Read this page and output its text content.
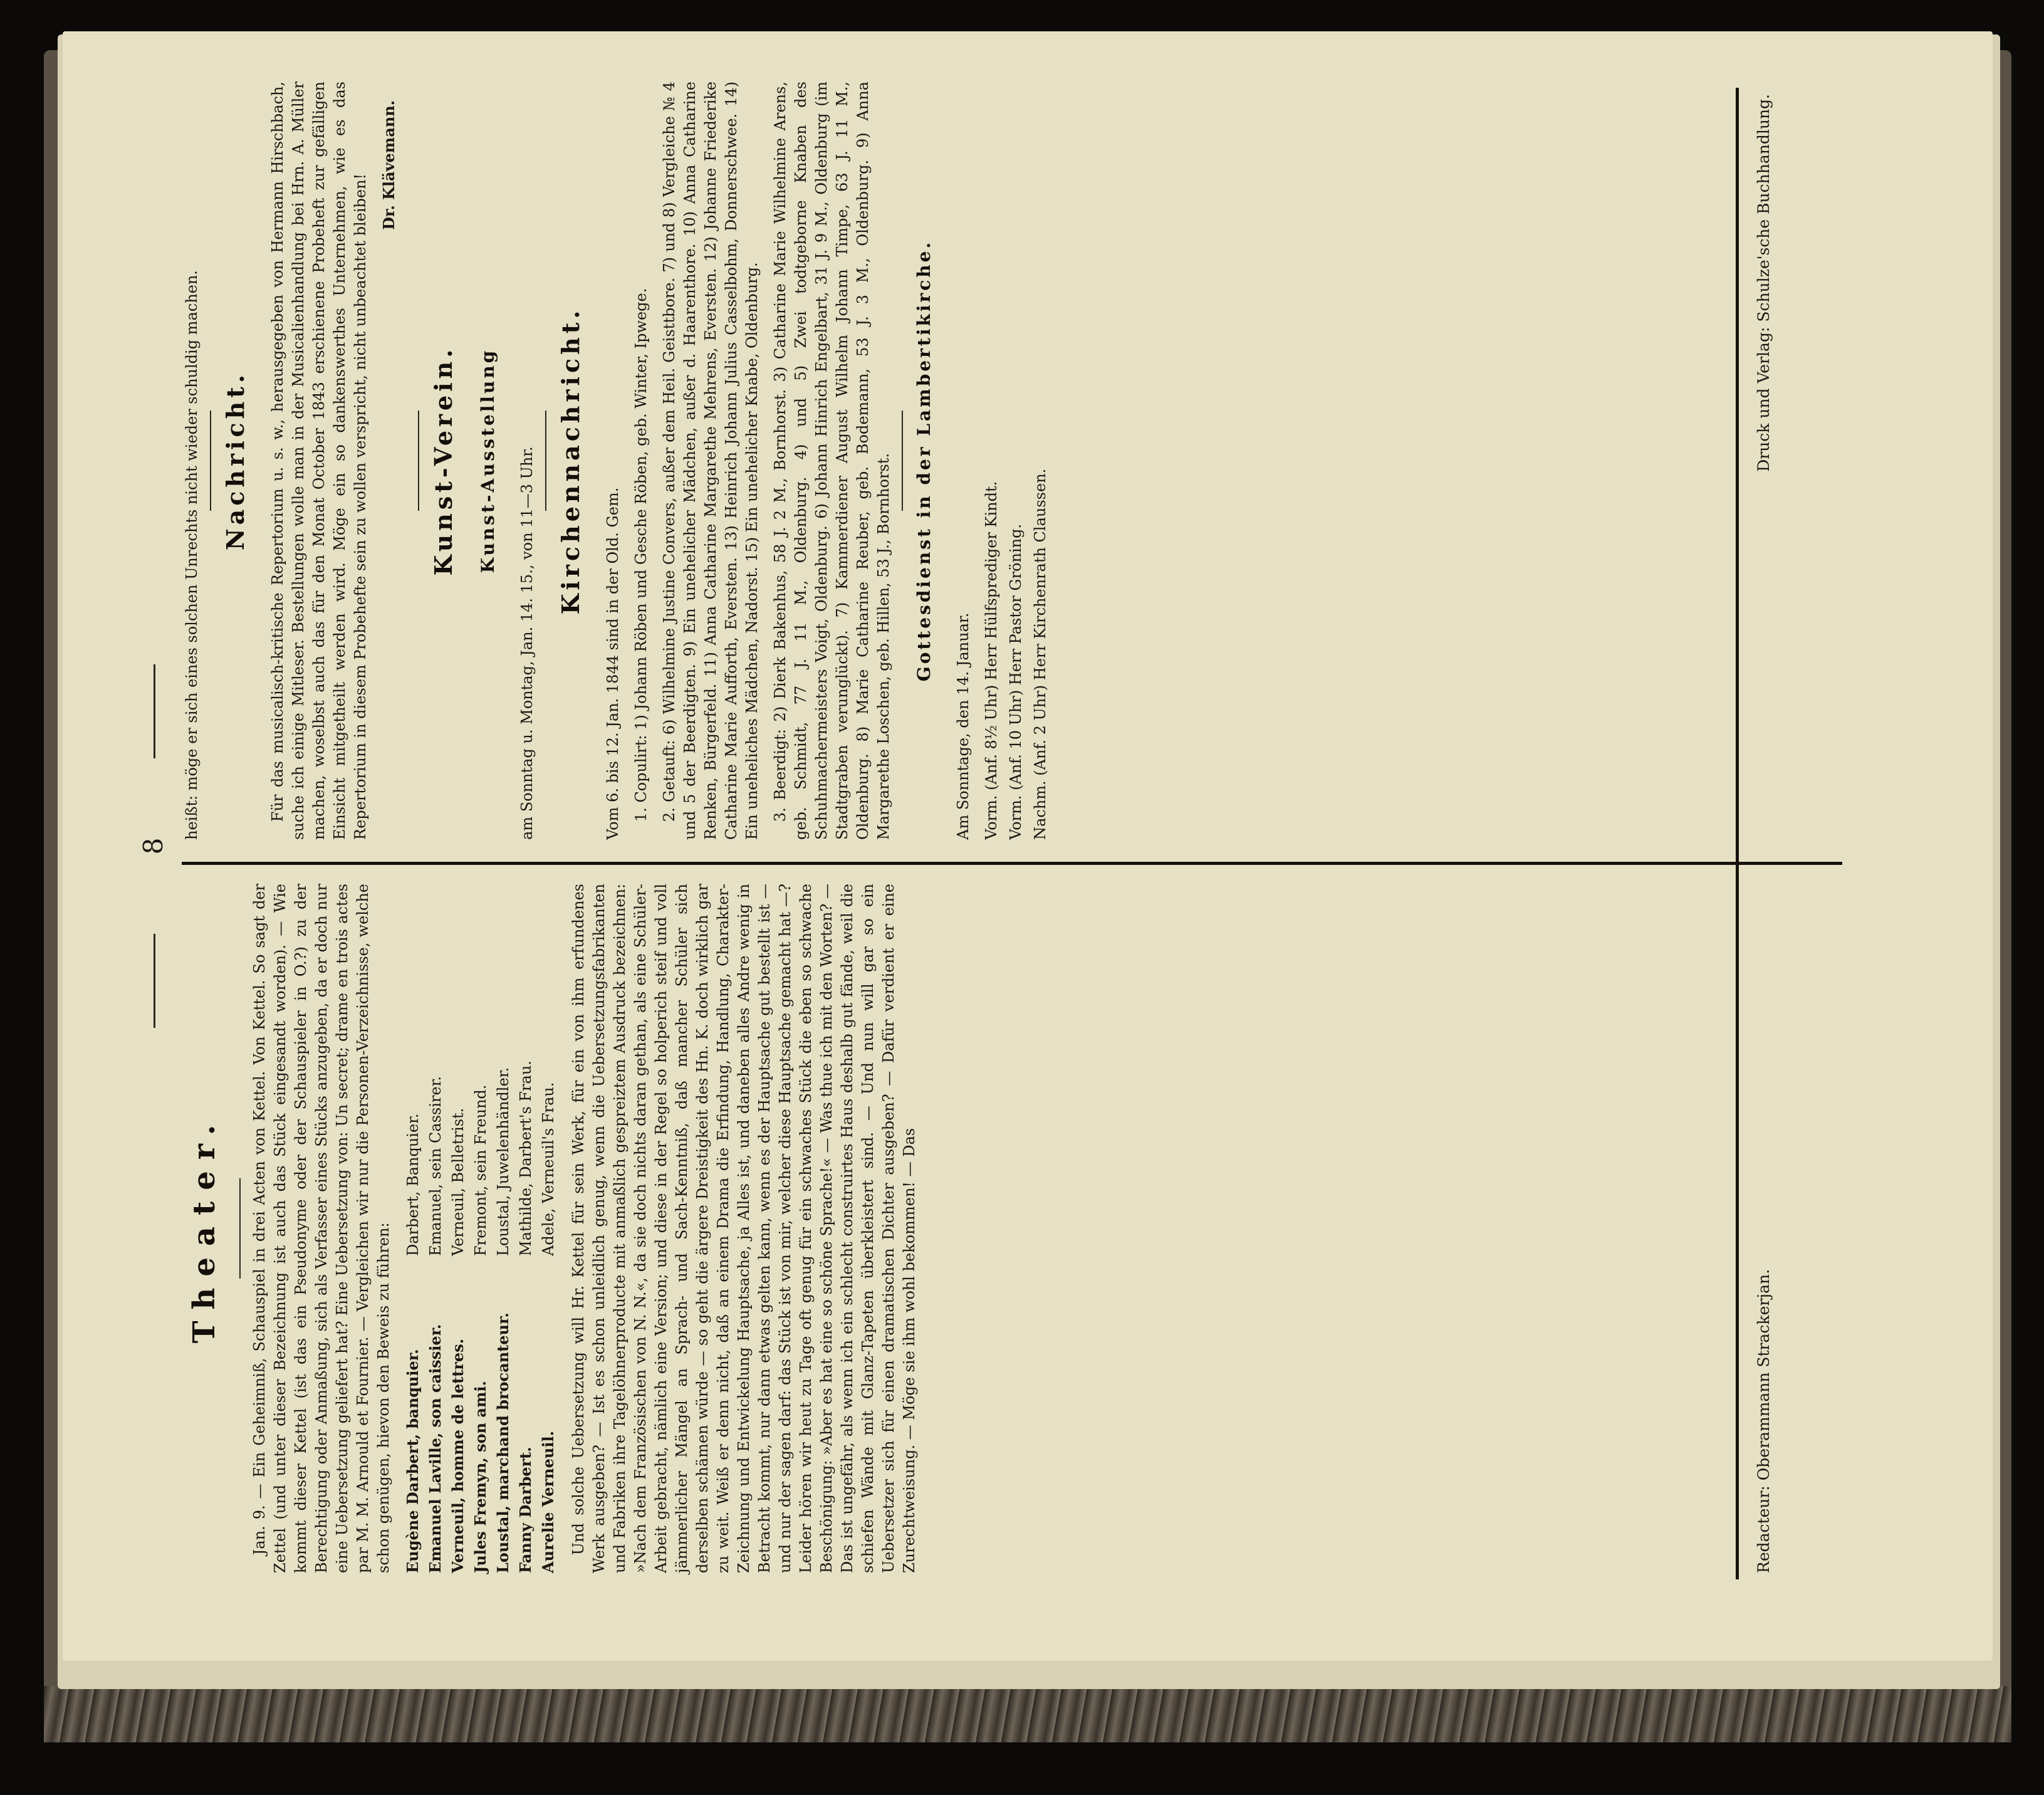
8
Theater. Jan. 9. — Ein Geheimniß, Schauspiel in drei Acten von Kettel. Von Kettel. So sagt der Zettel (und unter dieser Bezeichnung ist auch das Stück eingesandt worden). — Wie kommt dieser Kettel (ist das ein Pseudonyme oder der Schauspieler in O.?) zu der Berechtigung oder Anmaßung, sich als Verfasser eines Stücks anzugeben, da er doch nur eine Uebersetzung geliefert hat? Eine Uebersetzung von: Un secret; drame en trois actes par M. M. Arnould et Fournier. — Vergleichen wir nur die Personen-Verzeichnisse, welche schon genügen, hievon den Beweis zu führen: Eugène Darbert, banquier.	Darbert, Banquier.
Emanuel Laville, son caissier.	Emanuel, sein Cassirer.
Verneuil, homme de lettres.	Verneuil, Belletrist.
Jules Fremyn, son ami.	Fremont, sein Freund.
Loustal, marchand brocanteur.	Loustal, Juwelenhändler.
Fanny Darbert.	Mathilde, Darbert's Frau.
Aurelie Verneuil.	Adele, Verneuil's Frau. Und solche Uebersetzung will Hr. Kettel für sein Werk, für ein von ihm erfundenes Werk ausgeben? — Ist es schon unleidlich genug, wenn die Uebersetzungsfabrikanten und Fabriken ihre Tagelöhnerproducte mit anmaßlich gespreiztem Ausdruck bezeichnen: »Nach dem Französischen von N. N.«, da sie doch nichts daran gethan, als eine Schüler-Arbeit gebracht, nämlich eine Version; und diese in der Regel so holperich steif und voll jämmerlicher Mängel an Sprach- und Sach-Kenntniß, daß mancher Schüler sich derselben schämen würde — so geht die ärgere Dreistigkeit des Hn. K. doch wirklich gar zu weit. Weiß er denn nicht, daß an einem Drama die Erfindung, Handlung, Charakter-Zeichnung und Entwickelung Hauptsache, ja Alles ist, und daneben alles Andre wenig in Betracht kommt, nur dann etwas gelten kann, wenn es der Hauptsache gut bestellt ist — und nur der sagen darf: das Stück ist von mir, welcher diese Hauptsache gemacht hat —? Leider hören wir heut zu Tage oft genug für ein schwaches Stück die eben so schwache Beschönigung: »Aber es hat eine so schöne Sprache!« — Was thue ich mit den Worten? — Das ist ungefähr, als wenn ich ein schlecht construirtes Haus deshalb gut fände, weil die schiefen Wände mit Glanz-Tapeten überkleistert sind. — Und nun will gar so ein Uebersetzer sich für einen dramatischen Dichter ausgeben? — Dafür verdient er eine Zurechtweisung. — Möge sie ihm wohl bekommen! — Das

heißt: möge er sich eines solchen Unrechts nicht wieder schuldig machen. Nachricht. Für das musicalisch-kritische Repertorium u. s. w., herausgegeben von Hermann Hirschbach, suche ich einige Mitleser. Bestellungen wolle man in der Musicalienhandlung bei Hrn. A. Müller machen, woselbst auch das für den Monat October 1843 erschienene Probeheft zur gefälligen Einsicht mitgetheilt werden wird. Möge ein so dankenswerthes Unternehmen, wie es das Repertorium in diesem Probehefte sein zu wollen verspricht, nicht unbeachtet bleiben!

Dr. Klävemann.
Kunst-Verein. Kunst-Ausstellung am Sonntag u. Montag, Jan. 14. 15., von 11—3 Uhr. Kirchennachricht.

Vom 6. bis 12. Jan. 1844 sind in der Old. Gem. 1. Copulirt: 1) Johann Röben und Gesche Röben, geb. Winter, Ipwege. 2. Getauft: 6) Wilhelmine Justine Convers, außer dem Heil. Geisttbore. 7) und 8) Vergleiche № 4 und 5 der Beerdigten. 9) Ein unehelicher Mädchen, außer d. Haarenthore. 10) Anna Catharine Renken, Bürgerfeld. 11) Anna Catharine Margarethe Mehrens, Eversten. 12) Johanne Friederike Catharine Marie Aufforth, Eversten. 13) Heinrich Johann Julius Casselbohm, Donnerschwee. 14) Ein uneheliches Mädchen, Nadorst. 15) Ein unehelicher Knabe, Oldenburg. 3. Beerdigt: 2) Dierk Bakenhus, 58 J. 2 M., Bornhorst. 3) Catharine Marie Wilhelmine Arens, geb. Schmidt, 77 J. 11 M., Oldenburg. 4) und 5) Zwei todtgeborne Knaben des Schuhmachermeisters Voigt, Oldenburg. 6) Johann Hinrich Engelbart, 31 J. 9 M., Oldenburg (im Stadtgraben verunglückt). 7) Kammerdiener August Wilhelm Johann Timpe, 63 J. 11 M., Oldenburg. 8) Marie Catharine Reuber, geb. Bodemann, 53 J. 3 M., Oldenburg. 9) Anna Margarethe Loschen, geb. Hillen, 53 J., Bornhorst. Gottesdienst in der Lambertikirche.

Am Sonntage, den 14. Januar. Vorm. (Anf. 8½ Uhr) Herr Hülfsprediger Kindt. Vorm. (Anf. 10 Uhr) Herr Pastor Gröning. Nachm. (Anf. 2 Uhr) Herr Kirchenrath Claussen.

Redacteur: Oberammann Strackerjan.
Druck und Verlag: Schulze'sche Buchhandlung.
